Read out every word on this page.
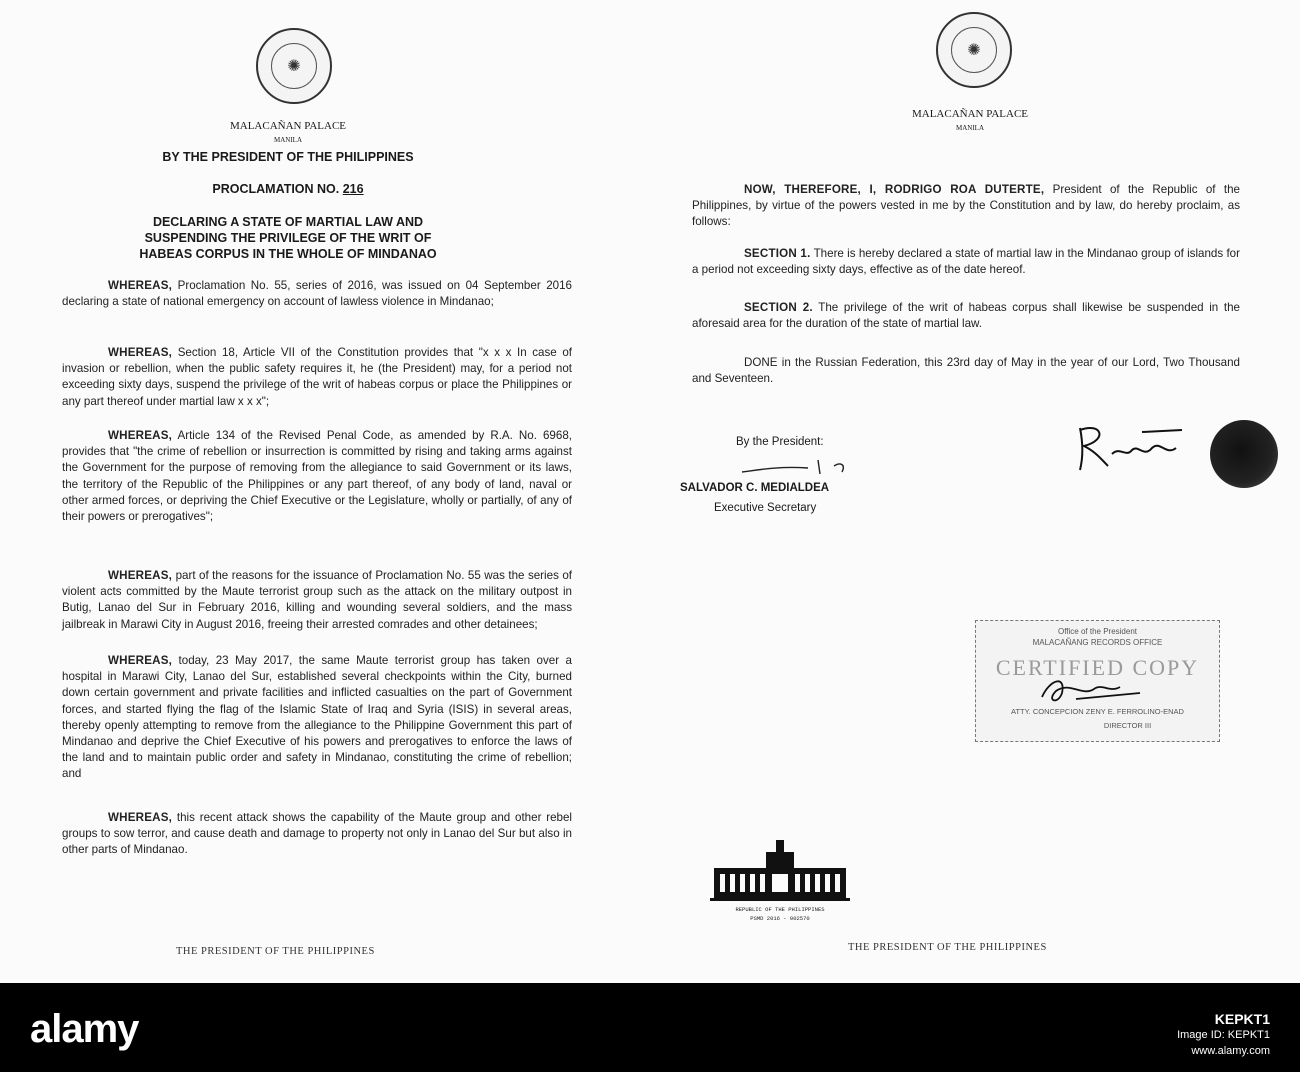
✺
MALACAÑAN PALACE
MANILA
BY THE PRESIDENT OF THE PHILIPPINES
PROCLAMATION NO. 216
DECLARING A STATE OF MARTIAL LAW AND
SUSPENDING THE PRIVILEGE OF THE WRIT OF
HABEAS CORPUS IN THE WHOLE OF MINDANAO
WHEREAS, Proclamation No. 55, series of 2016, was issued on 04 September 2016 declaring a state of national emergency on account of lawless violence in Mindanao;
WHEREAS, Section 18, Article VII of the Constitution provides that "x x x In case of invasion or rebellion, when the public safety requires it, he (the President) may, for a period not exceeding sixty days, suspend the privilege of the writ of habeas corpus or place the Philippines or any part thereof under martial law x x x";
WHEREAS, Article 134 of the Revised Penal Code, as amended by R.A. No. 6968, provides that "the crime of rebellion or insurrection is committed by rising and taking arms against the Government for the purpose of removing from the allegiance to said Government or its laws, the territory of the Republic of the Philippines or any part thereof, of any body of land, naval or other armed forces, or depriving the Chief Executive or the Legislature, wholly or partially, of any of their powers or prerogatives";
WHEREAS, part of the reasons for the issuance of Proclamation No. 55 was the series of violent acts committed by the Maute terrorist group such as the attack on the military outpost in Butig, Lanao del Sur in February 2016, killing and wounding several soldiers, and the mass jailbreak in Marawi City in August 2016, freeing their arrested comrades and other detainees;
WHEREAS, today, 23 May 2017, the same Maute terrorist group has taken over a hospital in Marawi City, Lanao del Sur, established several checkpoints within the City, burned down certain government and private facilities and inflicted casualties on the part of Government forces, and started flying the flag of the Islamic State of Iraq and Syria (ISIS) in several areas, thereby openly attempting to remove from the allegiance to the Philippine Government this part of Mindanao and deprive the Chief Executive of his powers and prerogatives to enforce the laws of the land and to maintain public order and safety in Mindanao, constituting the crime of rebellion; and
WHEREAS, this recent attack shows the capability of the Maute group and other rebel groups to sow terror, and cause death and damage to property not only in Lanao del Sur but also in other parts of Mindanao.
THE PRESIDENT OF THE PHILIPPINES
✺
MALACAÑAN PALACE
MANILA
NOW, THEREFORE, I, RODRIGO ROA DUTERTE, President of the Republic of the Philippines, by virtue of the powers vested in me by the Constitution and by law, do hereby proclaim, as follows:
SECTION 1. There is hereby declared a state of martial law in the Mindanao group of islands for a period not exceeding sixty days, effective as of the date hereof.
SECTION 2. The privilege of the writ of habeas corpus shall likewise be suspended in the aforesaid area for the duration of the state of martial law.
DONE in the Russian Federation, this 23rd day of May in the year of our Lord, Two Thousand and Seventeen.
By the President:
SALVADOR C. MEDIALDEA
Executive Secretary
REPUBLIC OF THE PHILIPPINES
PSMD 2016 - 002570
THE PRESIDENT OF THE PHILIPPINES
Office of the President
MALACAÑANG RECORDS OFFICE
CERTIFIED COPY
ATTY. CONCEPCION ZENY E. FERROLINO-ENAD
DIRECTOR III
alamy	KEPKT1
Image ID: KEPKT1
www.alamy.com
